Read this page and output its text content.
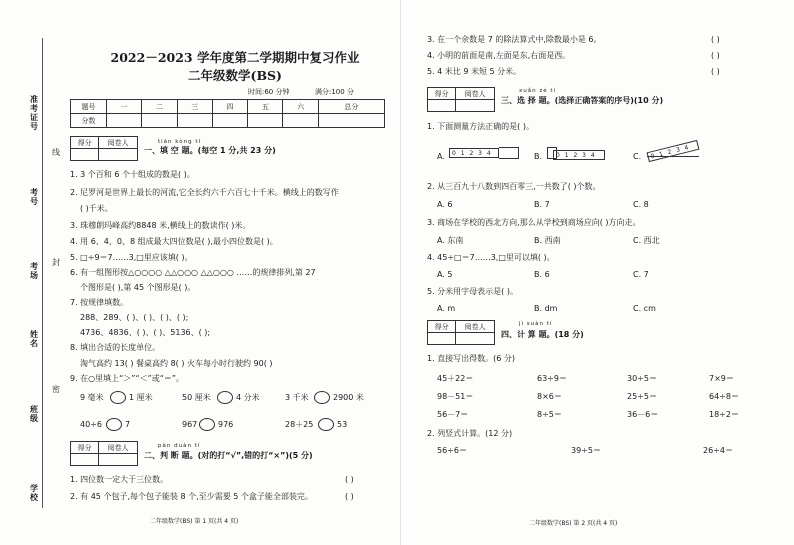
准考证号
考号
考场
姓名
班级
学校
线
封
密
2022－2023 学年度第二学期期中复习作业
二年级数学(BS)
时间:60 分钟	满分:100 分
题号	一	二	三	四	五	六	总分
分数							
得分	阅卷人
		tián kòng tí
一、填 空 题。(每空 1 分,共 23 分)
1. 3 个百和 6 个十组成的数是( )。
2. 尼罗河是世界上最长的河流,它全长约六千六百七十千米。横线上的数写作
( )千米。
3. 珠穆朗玛峰高约8848 米,横线上的数读作( )米。
4. 用 6、4、0、8 组成最大四位数是( ),最小四位数是( )。
5. □÷9＝7……3,□里应该填( )。
6. 有一组图形按△○○○○ △△○○○ △△○○○ ……的规律排列,第 27
个图形是( ),第 45 个图形是( )。
7. 按规律填数。
288、289、( )、( )、( )、( );
4736、4836、( )、( )、5136、( );
8. 填出合适的长度单位。
淘气高约 13( ) 餐桌高约 8( ) 火车每小时行驶约 90( )
9. 在○里填上“＞”“＜”或“＝”。
9 毫米	1 厘米	50 厘米	4 分米	3 千米	2900 米
40÷6	7	967	976	28＋25	53
得分	阅卷人
		pàn duàn tí
二、判 断 题。(对的打“√”,错的打“×”)(5 分)
1. 四位数一定大于三位数。	( )
2. 有 45 个包子,每个包子能装 8 个,至少需要 5 个盒子能全部装完。	( )
二年级数学(BS) 第 1 页(共 4 页)
3. 在一个余数是 7 的除法算式中,除数最小是 6。	( )
4. 小明的前面是南,左面是东,右面是西。	( )
5. 4 米比 9 米短 5 分米。	( )
得分	阅卷人
		xuǎn zé tí
三、选 择 题。(选择正确答案的序号)(10 分)
1. 下面测量方法正确的是( )。
A.	0 1 2 3 4	B.	0 1 2 3 4	C.	0 1 2 3 4
2. 从三百九十八数到四百零三,一共数了( )个数。
A. 6	B. 7	C. 8
3. 商场在学校的西北方向,那么从学校到商场应向( )方向走。
A. 东南	B. 西南	C. 西北
4. 45÷□＝7……3,□里可以填( )。
A. 5	B. 6	C. 7
5. 分米用字母表示是( )。
A. m	B. dm	C. cm
得分	阅卷人
		jì suàn tí
四、计 算 题。(18 分)
1. 直接写出得数。(6 分)
45＋22＝	63÷9＝	30÷5＝	7×9＝
98－51＝	8×6＝	25÷5＝	64÷8＝
56－7＝	8÷5＝	36－6＝	18÷2＝
2. 列竖式计算。(12 分)
56÷6＝	39÷5＝	26÷4＝
二年级数学(BS) 第 2 页(共 4 页)
